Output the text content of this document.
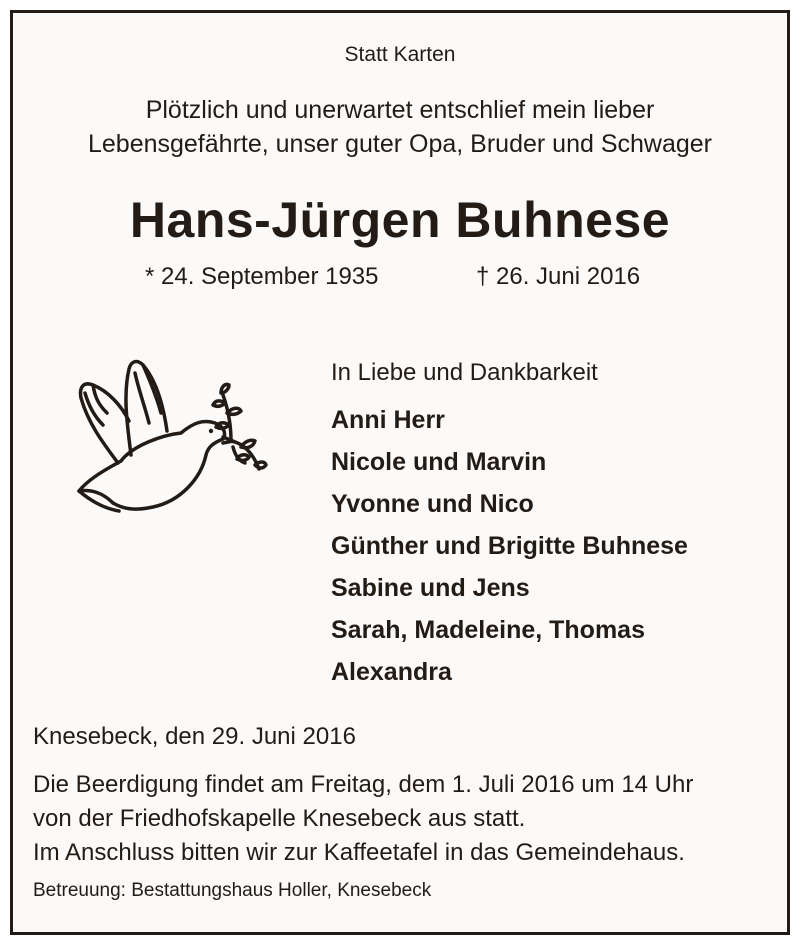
Statt Karten
Plötzlich und unerwartet entschlief mein lieber
Lebensgefährte, unser guter Opa, Bruder und Schwager
Hans-Jürgen Buhnese
* 24. September 1935	† 26. Juni 2016
In Liebe und Dankbarkeit
Anni Herr
Nicole und Marvin
Yvonne und Nico
Günther und Brigitte Buhnese
Sabine und Jens
Sarah, Madeleine, Thomas
Alexandra
Knesebeck, den 29. Juni 2016
Die Beerdigung findet am Freitag, dem 1. Juli 2016 um 14 Uhr
von der Friedhofskapelle Knesebeck aus statt.
Im Anschluss bitten wir zur Kaffeetafel in das Gemeindehaus.
Betreuung: Bestattungshaus Holler, Knesebeck
